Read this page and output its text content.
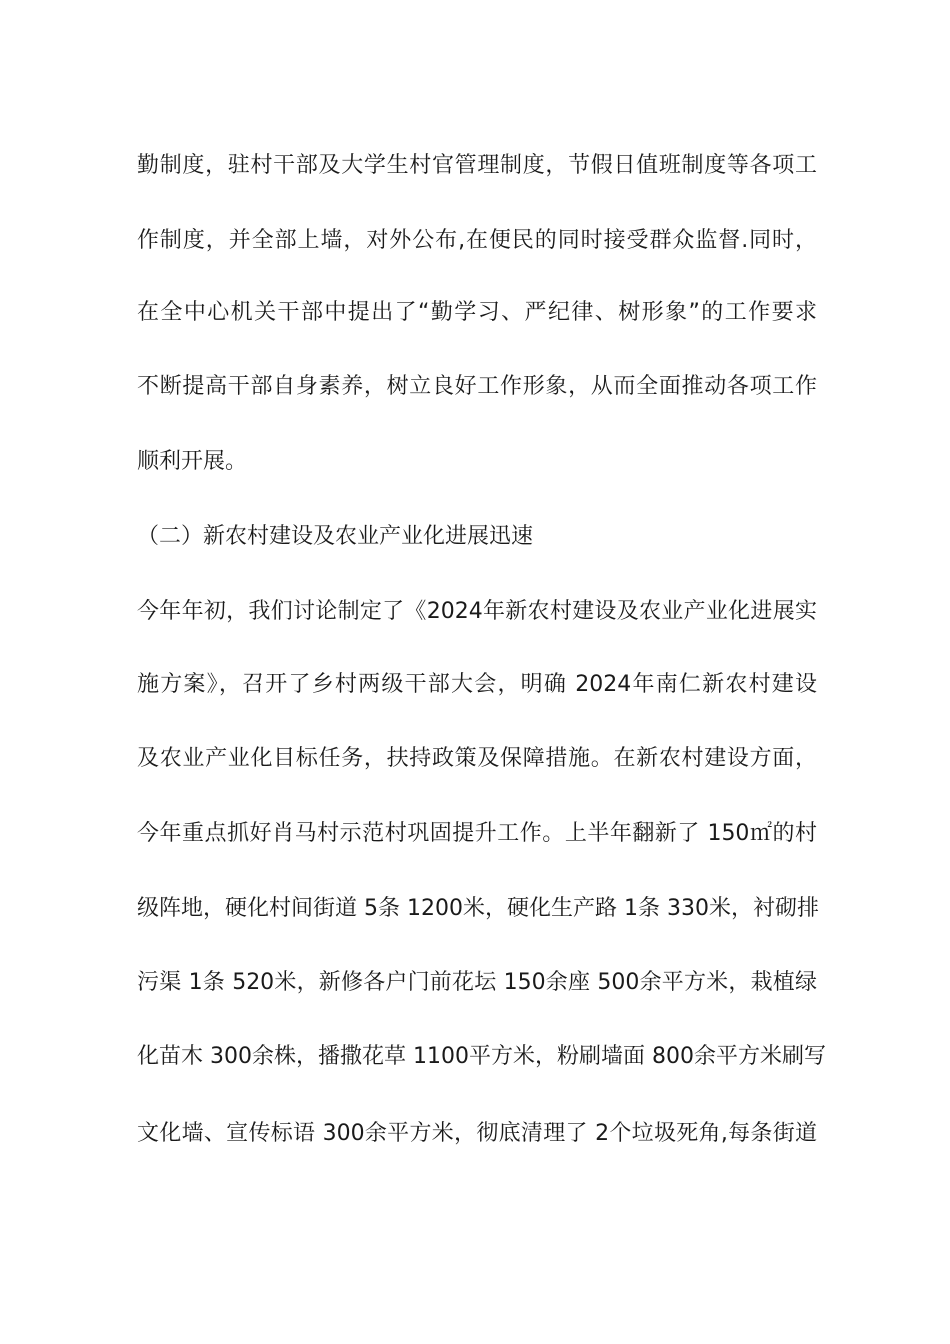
勤制度，驻村干部及大学生村官管理制度，节假日值班制度等各项工
作制度，并全部上墙，对外公布,在便民的同时接受群众监督.同时，
在全中心机关干部中提出了“勤学习、严纪律、树形象”的工作要求
不断提高干部自身素养，树立良好工作形象，从而全面推动各项工作
顺利开展。
（二）新农村建设及农业产业化进展迅速
今年年初，我们讨论制定了《2024年新农村建设及农业产业化进展实
施方案》，召开了乡村两级干部大会，明确 2024年南仁新农村建设
及农业产业化目标任务，扶持政策及保障措施。在新农村建设方面，
今年重点抓好肖马村示范村巩固提升工作。上半年翻新了 150㎡的村
级阵地，硬化村间街道 5条 1200米，硬化生产路 1条 330米，衬砌排
污渠 1条 520米，新修各户门前花坛 150余座 500余平方米，栽植绿
化苗木 300余株，播撒花草 1100平方米，粉刷墙面 800余平方米刷写
文化墙、宣传标语 300余平方米，彻底清理了 2个垃圾死角,每条街道
